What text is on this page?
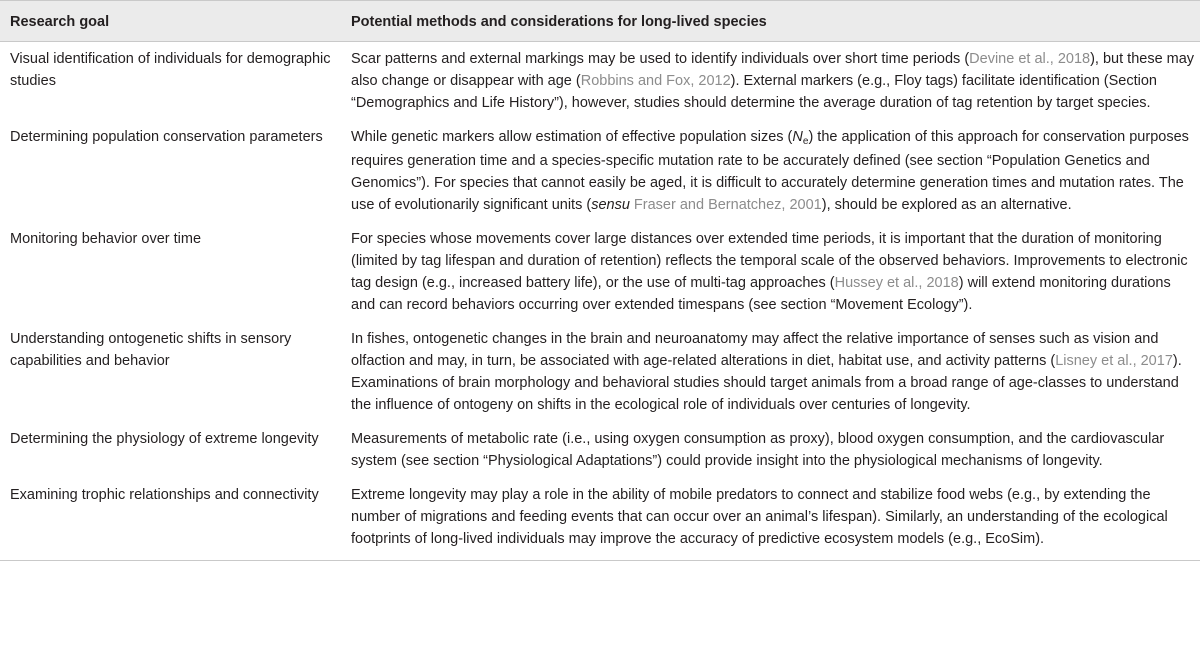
Research goal	Potential methods and considerations for long-lived species
Visual identification of individuals for demographic studies	Scar patterns and external markings may be used to identify individuals over short time periods (Devine et al., 2018), but these may also change or disappear with age (Robbins and Fox, 2012). External markers (e.g., Floy tags) facilitate identification (Section “Demographics and Life History”), however, studies should determine the average duration of tag retention by target species.
Determining population conservation parameters	While genetic markers allow estimation of effective population sizes $(N_e)$ the application of this approach for conservation purposes requires generation time and a species-specific mutation rate to be accurately defined (see section “Population Genetics and Genomics”). For species that cannot easily be aged, it is difficult to accurately determine generation times and mutation rates. The use of evolutionarily significant units (sensu Fraser and Bernatchez, 2001), should be explored as an alternative.
Monitoring behavior over time	For species whose movements cover large distances over extended time periods, it is important that the duration of monitoring (limited by tag lifespan and duration of retention) reflects the temporal scale of the observed behaviors. Improvements to electronic tag design (e.g., increased battery life), or the use of multi-tag approaches (Hussey et al., 2018) will extend monitoring durations and can record behaviors occurring over extended timespans (see section “Movement Ecology”).
Understanding ontogenetic shifts in sensory capabilities and behavior	In fishes, ontogenetic changes in the brain and neuroanatomy may affect the relative importance of senses such as vision and olfaction and may, in turn, be associated with age-related alterations in diet, habitat use, and activity patterns (Lisney et al., 2017). Examinations of brain morphology and behavioral studies should target animals from a broad range of age-classes to understand the influence of ontogeny on shifts in the ecological role of individuals over centuries of longevity.
Determining the physiology of extreme longevity	Measurements of metabolic rate (i.e., using oxygen consumption as proxy), blood oxygen consumption, and the cardiovascular system (see section “Physiological Adaptations”) could provide insight into the physiological mechanisms of longevity.
Examining trophic relationships and connectivity	Extreme longevity may play a role in the ability of mobile predators to connect and stabilize food webs (e.g., by extending the number of migrations and feeding events that can occur over an animal’s lifespan). Similarly, an understanding of the ecological footprints of long-lived individuals may improve the accuracy of predictive ecosystem models (e.g., EcoSim).
